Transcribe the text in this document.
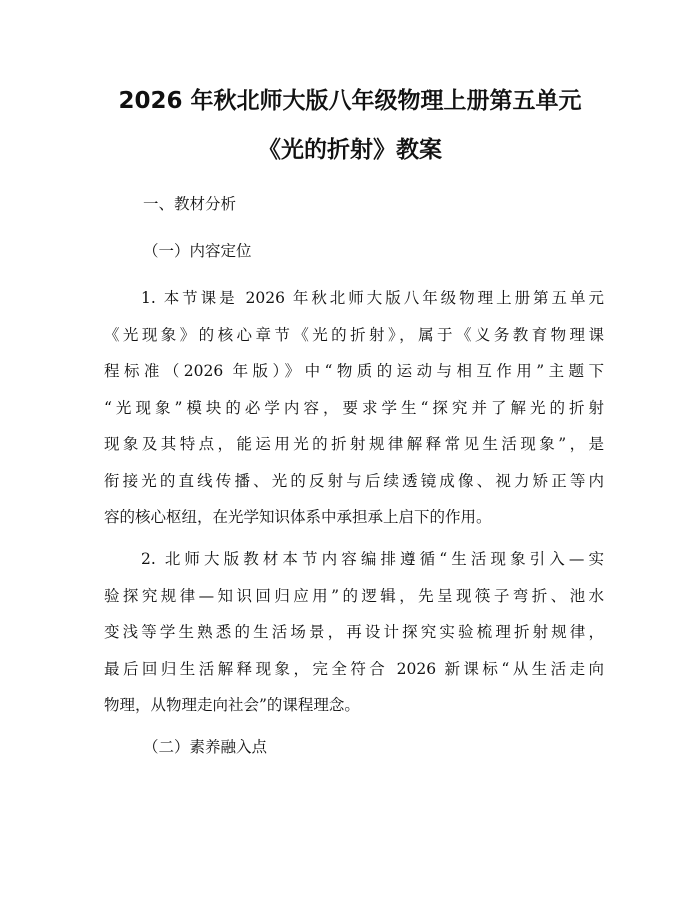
2026 年秋北师大版八年级物理上册第五单元
《光的折射》教案
一、教材分析
（一）内容定位
1. 本节课是 2026 年秋北师大版八年级物理上册第五单元
《光现象》的核心章节《光的折射》，属于《义务教育物理课
程标准（2026 年版）》中“物质的运动与相互作用”主题下
“光现象”模块的必学内容，要求学生“探究并了解光的折射
现象及其特点，能运用光的折射规律解释常见生活现象”，是
衔接光的直线传播、光的反射与后续透镜成像、视力矫正等内
容的核心枢纽，在光学知识体系中承担承上启下的作用。
2. 北师大版教材本节内容编排遵循“生活现象引入—实
验探究规律—知识回归应用”的逻辑，先呈现筷子弯折、池水
变浅等学生熟悉的生活场景，再设计探究实验梳理折射规律，
最后回归生活解释现象，完全符合 2026 新课标“从生活走向
物理，从物理走向社会”的课程理念。
（二）素养融入点
